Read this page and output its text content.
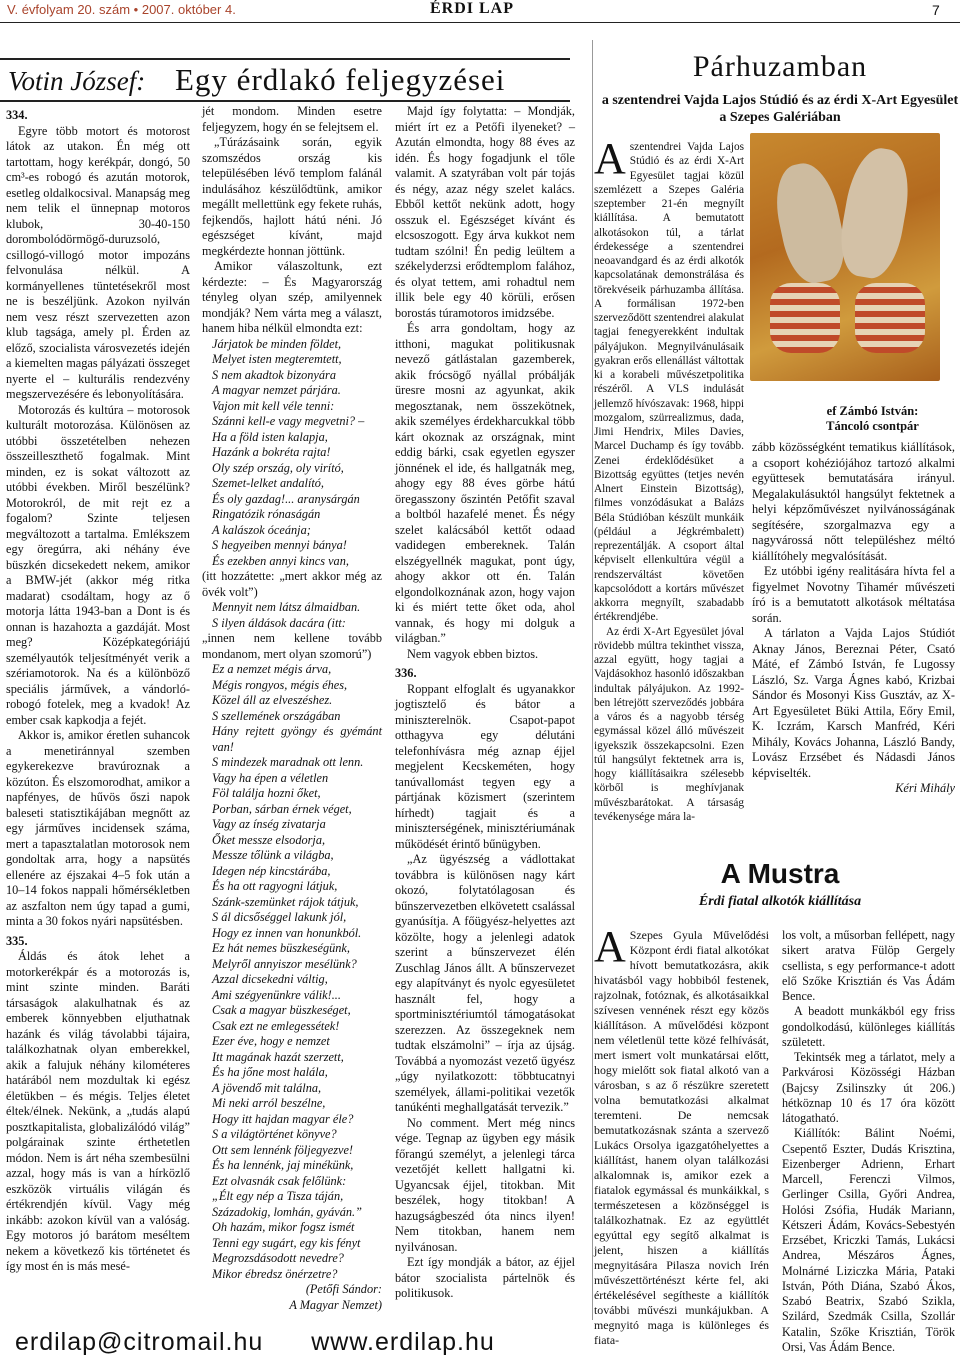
V. évfolyam 20. szám • 2007. október 4.	ÉRDI LAP	7
Votin József: Egy érdlakó feljegyzései

334.

Egyre több motort és motorost látok az utakon. Én még ott tartottam, hogy kerékpár, dongó, 50 cm³-es robogó és azután motorok, esetleg oldalkocsival. Manapság meg nem telik el ünnepnap motoros klubok, 30-40-150 dorombolódörmögő-duruzsoló, csillogó-villogó motor impozáns felvonulása nélkül. A kormányellenes tüntetésekről most ne is beszéljünk. Azokon nyilván nem vesz részt szervezetten azon klub tagsága, amely pl. Érden az előző, szocialista városvezetés idején a kiemelten magas pályázati összeget nyerte el – kulturális rendezvény megszervezésére és lebonyolítására.

Motorozás és kultúra – motorosok kulturált motorozása. Különösen az utóbbi összetételben nehezen összeilleszthető fogalmak. Mint minden, ez is sokat változott az utóbbi években. Miről beszélünk? Motorokról, de mit rejt ez a fogalom? Szinte teljesen megváltozott a tartalma. Emlékszem egy öregúrra, aki néhány éve büszkén dicsekedett nekem, amikor a BMW-jét (akkor még ritka madarat) csodáltam, hogy az ő motorja látta 1943-ban a Dont is és onnan is hazahozta a gazdáját. Most meg? Középkategóriájú személyautók teljesítményét verik a szériamotorok. Na és a különböző speciális járművek, a vándorló-robogó fotelek, meg a kvadok! Az ember csak kapkodja a fejét.

Akkor is, amikor éretlen suhancok a menetiránnyal szemben egykerekezve bravúroznak a közúton. És elszomorodhat, amikor a napfényes, de hűvös őszi napok baleseti statisztikájában megnőtt az egy járműves incidensek száma, mert a tapasztalatlan motorosok nem gondoltak arra, hogy a napsütés ellenére az éjszakai 4–5 fok után a 10–14 fokos nappali hőmérsékletben az aszfalton nem úgy tapad a gumi, minta a 30 fokos nyári napsütésben.

335.

Áldás és átok lehet a motorkerékpár és a motorozás is, mint szinte minden. Baráti társaságok alakulhatnak és az emberek könnyebben eljuthatnak hazánk és világ távolabbi tájaira, találkozhatnak olyan emberekkel, akik a falujuk néhány kilométeres határából nem mozdultak ki egész életükben – és mégis. Teljes életet éltek/élnek. Nekünk, a „tudás alapú posztkapitalista, globalizálódó világ” polgárainak szinte érthetetlen módon. Nem is árt néha szembesülni azzal, hogy más is van a hírközlő eszközök virtuális világán és értékrendjén kívül. Vagy még inkább: azokon kívül van a valóság. Egy motoros jó barátom meséltem nekem a következő kis történetet és így most én is más mesé-

jét mondom. Minden esetre feljegyzem, hogy én se felejtsem el.

„Túrázásaink során, egyik szomszédos ország kis településében lévő templom falánál indulásához készülődtünk, amikor megállt mellettünk egy fekete ruhás, fejkendős, hajlott hátú néni. Jó egészséget kívánt, majd megkérdezte honnan jöttünk.

Amikor válaszoltunk, ezt kérdezte: – És Magyarország tényleg olyan szép, amilyennek mondják? Nem várta meg a választ, hanem hiba nélkül elmondta ezt:

Járjatok be minden földet,
Melyet isten megteremtett,
S nem akadtok bizonyára
A magyar nemzet párjára.
Vajon mit kell véle tenni:
Szánni kell-e vagy megvetni? –
Ha a föld isten kalapja,
Hazánk a bokréta rajta!
Oly szép ország, oly virító,
Szemet-lelket andalító,
És oly gazdag!... aranysárgán
Ringatózik rónaságán
A kalászok óceánja;
S hegyeiben mennyi bánya!
És ezekben annyi kincs van,

(itt hozzátette: „mert akkor még az övék volt”)

Mennyit nem látsz álmaidban.
S ilyen áldások dacára (itt:

„innen nem kellene tovább mondanom, mert olyan szomorú”)

Ez a nemzet mégis árva,
Mégis rongyos, mégis éhes,
Közel áll az elveszéshez.
S szellemének országában
Hány rejtett gyöngy és gyémánt van!
S mindezek maradnak ott lenn.
Vagy ha épen a véletlen
Föl találja hozni őket,
Porban, sárban érnek véget,
Vagy az ínség zivatarja
Őket messze elsodorja,
Messze tőlünk a világba,
Idegen nép kincstárába,
És ha ott ragyogni látjuk,
Szánk-szemünket rájok tátjuk,
S ál dicsőséggel lakunk jól,
Hogy ez innen van honunkból.
Ez hát nemes büszkeségünk,
Melyről annyiszor mesélünk?
Azzal dicsekedni váltig,
Ami szégyenünkre válik!...
Csak a magyar büszkeséget,
Csak ezt ne emlegessétek!
Ezer éve, hogy e nemzet
Itt magának hazát szerzett,
És ha jőne most halála,
A jövendő mit találna,
Mi neki arról beszélne,
Hogy itt hajdan magyar éle?
S a világtörténet könyve?
Ott sem lennénk följegyezve!
És ha lennénk, jaj minékünk,
Ezt olvasnák csak felőlünk:
„Élt egy nép a Tisza táján,
Századokig, lomhán, gyáván.”
Oh hazám, mikor fogsz ismét
Tenni egy sugárt, egy kis fényt
Megrozsdásodott nevedre?
Mikor ébredsz önérzetre?

(Petőfi Sándor:
A Magyar Nemzet)

Majd így folytatta: – Mondják, miért írt ez a Petőfi ilyeneket? – Azután elmondta, hogy 88 éves az idén. És hogy fogadjunk el tőle valamit. A szatyrában volt pár tojás és négy, azaz négy szelet kalács. Ebből kettőt nekünk adott, hogy osszuk el. Egészséget kívánt és elcsoszogott. Egy árva kukkot nem tudtam szólni! Én pedig leültem a székelyderzsi erődtemplom falához, és olyat tettem, ami rohadtul nem illik bele egy 40 körüli, erősen borostás túramotoros imidzsébe.

És arra gondoltam, hogy az itthoni, magukat politikusnak nevező gátlástalan gazemberek, akik frócsögő nyállal próbálják üresre mosni az agyunkat, akik megosztanak, nem összekötnek, akik személyes érdekharcukkal több kárt okoznak az országnak, mint eddig bárki, csak egyetlen egyszer jönnének el ide, és hallgatnák meg, ahogy egy 88 éves görbe hátú öregasszony őszintén Petőfit szaval a boltból hazafelé menet. És négy szelet kalácsából kettőt odaad vadidegen embereknek. Talán elszégyellnék magukat, pont úgy, ahogy akkor ott én. Talán elgondolkoznának azon, hogy vajon ki és miért tette őket oda, ahol vannak, és hogy mi dolguk a világban.”

Nem vagyok ebben biztos.

336.

Roppant elfoglalt és ugyanakkor jogtisztelő és bátor a miniszterelnök. Csapot-papot otthagyva egy délutáni telefonhívásra még aznap éjjel megjelent Kecskeméten, hogy tanúvallomást tegyen egy a pártjának közismert (szerintem hírhedt) tagjait és a miniszterségének, minisztériumának működését érintő bűnügyben.

„Az ügyészség a vádlottakat továbbra is különösen nagy kárt okozó, folytatólagosan és bűnszervezetben elkövetett csalással gyanúsítja. A főügyész-helyettes azt közölte, hogy a jelenlegi adatok szerint a bűnszervezet élén Zuschlag János állt. A bűnszervezet egy alapítványt és nyolc egyesületet használt fel, hogy a sportminisztériumtól támogatásokat szerezzen. Az összegeknek nem tudtak elszámolni” – írja az újság. Továbbá a nyomozást vezető ügyész „úgy nyilatkozott: többtucatnyi személyek, állami-politikai vezetők tanúkénti meghallgatását tervezik.”

No comment. Mert még nincs vége. Tegnap az ügyben egy másik főrangú személyt, a jelenlegi tárca vezetőjét kellett hallgatni ki. Ugyancsak éjjel, titokban. Mit beszélek, hogy titokban! A hazugságbeszéd óta nincs ilyen! Nem titokban, hanem nem nyilvánosan.

Ezt így mondják a bátor, az éjjel bátor szocialista pártelnök és politikusok.

Párhuzamban
a szentendrei Vajda Lajos Stúdió és az érdi X-Art Egyesület a Szepes Galériában

Aszentendrei Vajda Lajos Stúdió és az érdi X-Art Egyesület tagjai közül szemlézett a Szepes Galéria szeptember 21-én megnyílt kiállítása. A bemutatott alkotásokon túl, a tárlat érdekessége a szentendrei neoavandgard és az érdi alkotók kapcsolatának demonstrálása és törekvéseik párhuzamba állítása. A formálisan 1972-ben szerveződött szentendrei alakulat tagjai fenegyerekként indultak pályájukon. Megnyilvánulásaik gyakran erős ellenállást váltottak ki a korabeli művészetpolitika részéről. A VLS indulását jellemző hívószavak: 1968, hippi mozgalom, szürrealizmus, dada, Jimi Hendrix, Miles Davies, Marcel Duchamp és így tovább. Zenei érdeklődésüket a Bizottság együttes (tetjes nevén Alnert Einstein Bizottság), filmes vonzódásukat a Balázs Béla Stúdióban készült munkáik (például a Jégkrémbalett) reprezentálják. A csoport által képviselt ellenkultúra végül a rendszerváltást követően kapcsolódott a kortárs művészet akkorra megnyílt, szabadabb értékrendjébe.

Az érdi X-Art Egyesület jóval rövidebb múltra tekinthet vissza, azzal együtt, hogy tagjai a Vajdásokhoz hasonló időszakban indultak pályájukon. Az 1992-ben létrejött szerveződés jobbára a város és a nagyobb térség egymással közel álló művészeit igyekszik összekapcsolni. Ezen túl hangsúlyt fektetnek arra is, hogy kiállításaikra szélesebb körből is meghívjanak művészbarátokat. A társaság tevékenysége mára la-

ef Zámbó István:
Táncoló csontpár

zább közösségként tematikus kiállítások, a csoport kohéziójához tartozó alkalmi együttesek bemutatására irányul. Megalakulásuktól hangsúlyt fektetnek a helyi képzőművészet nyilvánosságának segítésére, szorgalmazva egy a nagyvárossá nőtt településhez méltó kiállítóhely megvalósítását.

Ez utóbbi igény realitására hívta fel a figyelmet Novotny Tihamér művészeti író is a bemutatott alkotások méltatása során.

A tárlaton a Vajda Lajos Stúdiót Aknay János, Bereznai Péter, Csató Máté, ef Zámbó István, fe Lugossy László, Sz. Varga Ágnes kabó, Krizbai Sándor és Mosonyi Kiss Gusztáv, az X-Art Egyesületet Büki Attila, Eőry Emil, K. Iczrám, Karsch Manfréd, Kéri Mihály, Kovács Johanna, László Bandy, Lovász Erzsébet és Nádasdi János képviselték.

Kéri Mihály

A Mustra
Érdi fiatal alkotók kiállítása

A Szepes Gyula Művelődési Központ érdi fiatal alkotókat hívott bemutatkozásra, akik hivatásból vagy hobbiból festenek, rajzolnak, fotóznak, és alkotásaikkal szívesen vennének részt egy közös kiállításon. A művelődési központ nem véletlenül tette közé felhívását, mert ismert volt munkatársai előtt, hogy mielőtt sok fiatal alkotó van a városban, s az ő részükre szeretett volna bemutatkozási alkalmat teremteni. De nemcsak bemutatkozásnak szánta a szervező Lukács Orsolya igazgatóhelyettes a kiállítást, hanem olyan találkozási alkalomnak is, amikor ezek a fiatalok egymással és munkáikkal, s természetesen a közönséggel is találkozhatnak. Ez az együttlét egyúttal egy segítő alkalmat is jelent, hiszen a kiállítás megnyitására Pilasza novich Irén művészettörténészt kérte fel, aki értékelésével segítheste a kiállítók további művészi munkájukban. A megnyitó maga is különleges és fiata-

los volt, a műsorban fellépett, nagy sikert aratva Fülöp Gergely csellista, s egy performance-t adott elő Szőke Krisztián és Vas Ádám Bence.

A beadott munkákból egy friss gondolkodású, különleges kiállítás született.

Tekintsék meg a tárlatot, mely a Parkvárosi Közösségi Házban (Bajcsy Zsilinszky út 206.) hétköznap 10 és 17 óra között látogatható.

Kiállítók: Bálint Noémi, Csepentő Eszter, Dudás Krisztina, Eizenberger Adrienn, Erhart Marcell, Ferenczi Vilmos, Gerlinger Csilla, Győri Andrea, Holósi Zsófia, Hudák Mariann, Kétszeri Ádám, Kovács-Sebestyén Erzsébet, Kriczki Tamás, Lukácsi Andrea, Mészáros Ágnes, Molnárné Liziczka Mária, Pataki István, Póth Diána, Szabó Ákos, Szabó Beatrix, Szabó Szikla, Szilárd, Szedmák Csilla, Szollár Katalin, Szőke Krisztián, Török Orsi, Vas Ádám Bence.

erdilap@citromail.hu www.erdilap.hu
